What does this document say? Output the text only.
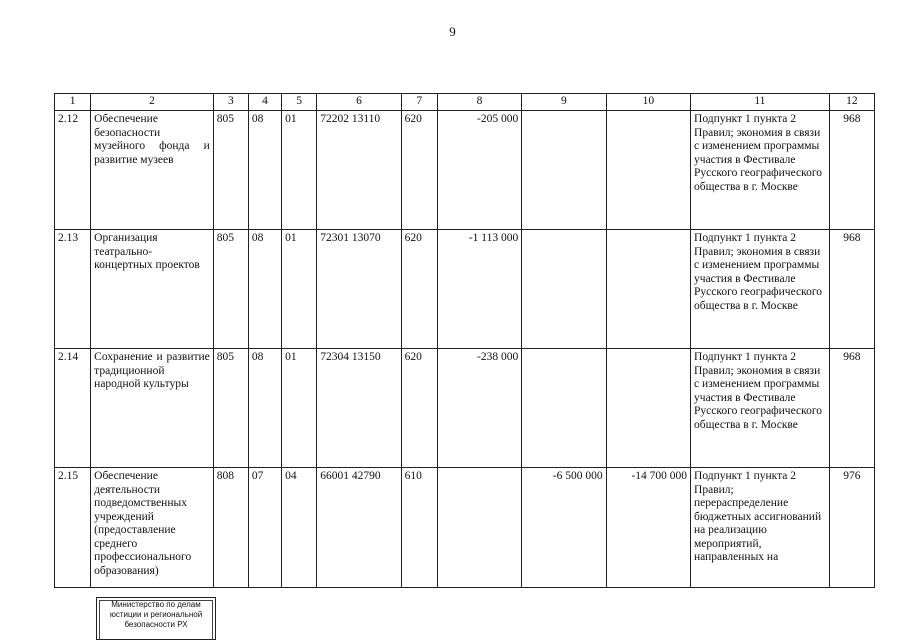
9
1	2	3	4	5	6	7	8	9	10	11	12
2.12	Обеспечение безопасности музейного фонда и развитие музеев	805	08	01	72202 13110	620	-205 000			Подпункт 1 пункта 2 Правил; экономия в связи с изменением программы участия в Фестивале Русского географического общества в г. Москве	968
2.13	Организация театрально-концертных проектов	805	08	01	72301 13070	620	-1 113 000			Подпункт 1 пункта 2 Правил; экономия в связи с изменением программы участия в Фестивале Русского географического общества в г. Москве	968
2.14	Сохранение и развитие традиционной народной культуры	805	08	01	72304 13150	620	-238 000			Подпункт 1 пункта 2 Правил; экономия в связи с изменением программы участия в Фестивале Русского географического общества в г. Москве	968
2.15	Обеспечение деятельности подведомственных учреждений (предоставление среднего профессионального образования)	808	07	04	66001 42790	610		-6 500 000	-14 700 000	Подпункт 1 пункта 2 Правил; перераспределение бюджетных ассигнований на реализацию мероприятий, направленных на	976
Министерство по делам
юстиции и региональной
безопасности РХ
